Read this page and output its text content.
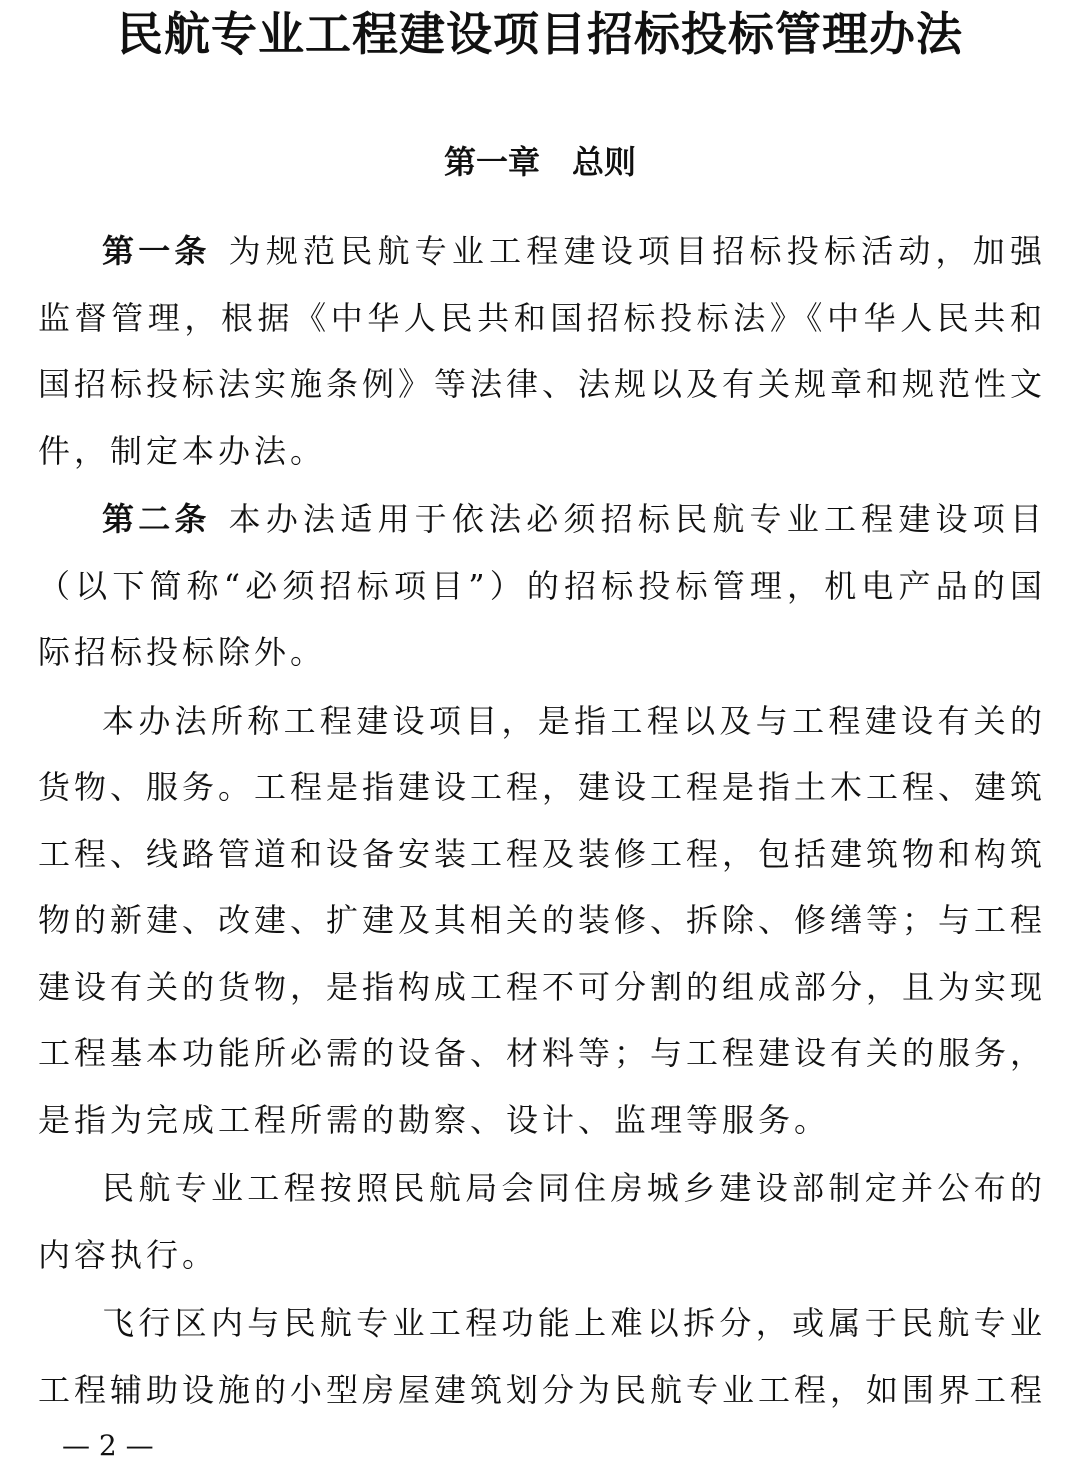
民航专业工程建设项目招标投标管理办法
第一章　总则

第一条 为规范民航专业工程建设项目招标投标活动，加强监督管理，根据《中华人民共和国招标投标法》《中华人民共和国招标投标法实施条例》等法律、法规以及有关规章和规范性文件，制定本办法。

第二条 本办法适用于依法必须招标民航专业工程建设项目（以下简称“必须招标项目”）的招标投标管理，机电产品的国际招标投标除外。

本办法所称工程建设项目，是指工程以及与工程建设有关的货物、服务。工程是指建设工程，建设工程是指土木工程、建筑工程、线路管道和设备安装工程及装修工程，包括建筑物和构筑物的新建、改建、扩建及其相关的装修、拆除、修缮等；与工程建设有关的货物，是指构成工程不可分割的组成部分，且为实现工程基本功能所必需的设备、材料等；与工程建设有关的服务，是指为完成工程所需的勘察、设计、监理等服务。

民航专业工程按照民航局会同住房城乡建设部制定并公布的内容执行。

飞行区内与民航专业工程功能上难以拆分，或属于民航专业工程辅助设施的小型房屋建筑划分为民航专业工程，如围界工程

— 2 —
